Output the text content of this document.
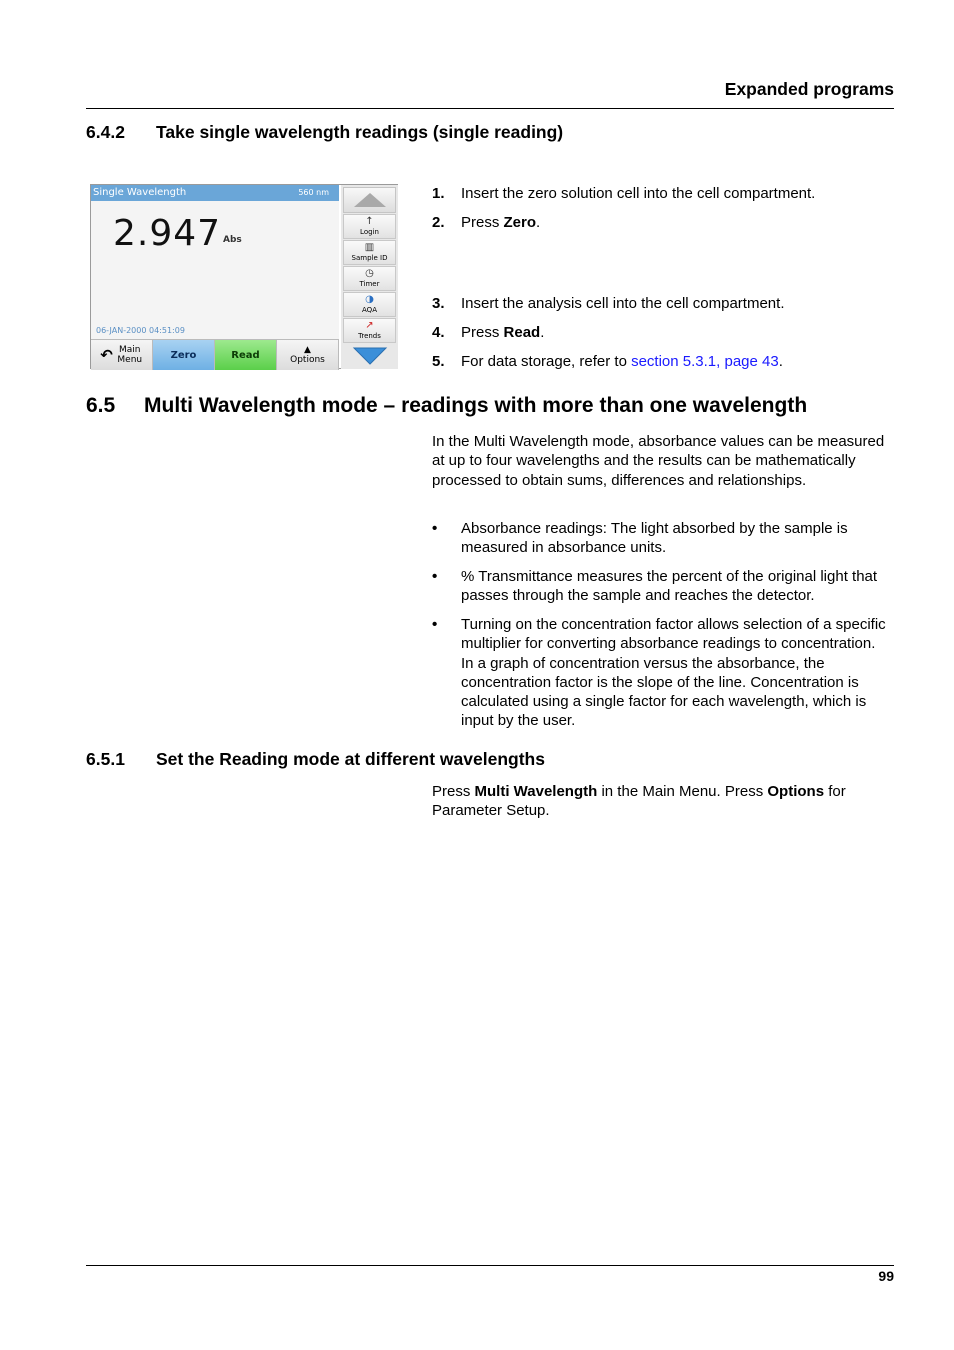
Expanded programs
6.4.2 Take single wavelength readings (single reading)
Single Wavelength	560 nm
2.947 Abs
06-JAN-2000 04:51:09
↶ Main Menu	Zero	Read	▲
Options
↑
Login
▥
Sample ID
◷
Timer
◑
AQA
↗
Trends
1. Insert the zero solution cell into the cell compartment.
2. Press Zero.
3. Insert the analysis cell into the cell compartment.
4. Press Read.
5. For data storage, refer to section 5.3.1, page 43.
6.5 Multi Wavelength mode – readings with more than one wavelength
In the Multi Wavelength mode, absorbance values can be measured at up to four wavelengths and the results can be mathematically processed to obtain sums, differences and relationships.
• Absorbance readings: The light absorbed by the sample is measured in absorbance units.
• % Transmittance measures the percent of the original light that passes through the sample and reaches the detector.
• Turning on the concentration factor allows selection of a specific multiplier for converting absorbance readings to concentration. In a graph of concentration versus the absorbance, the concentration factor is the slope of the line. Concentration is calculated using a single factor for each wavelength, which is input by the user.
6.5.1 Set the Reading mode at different wavelengths
Press Multi Wavelength in the Main Menu. Press Options for Parameter Setup.
99
